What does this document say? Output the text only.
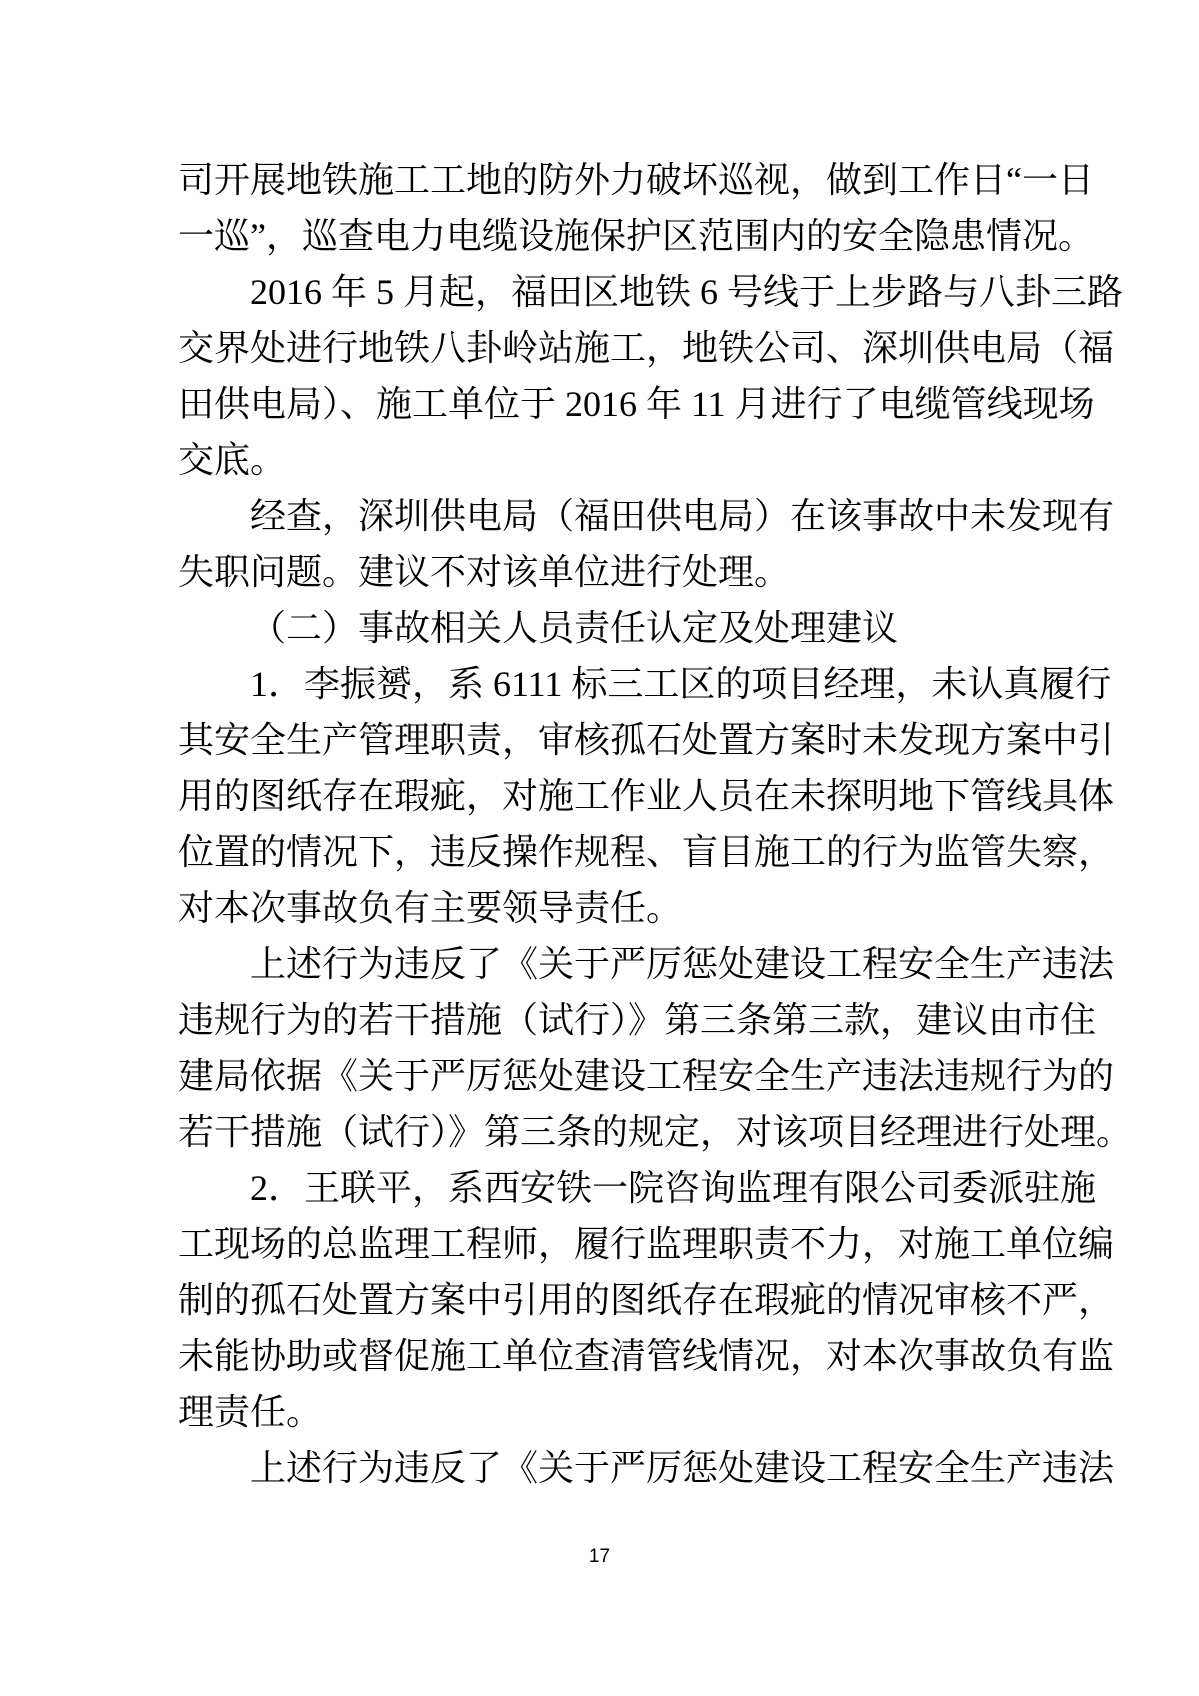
司开展地铁施工工地的防外力破坏巡视，做到工作日“一日
一巡”，巡查电力电缆设施保护区范围内的安全隐患情况。
2016 年 5 月起，福田区地铁 6 号线于上步路与八卦三路
交界处进行地铁八卦岭站施工，地铁公司、深圳供电局（福
田供电局）、施工单位于 2016 年 11 月进行了电缆管线现场
交底。
经查，深圳供电局（福田供电局）在该事故中未发现有
失职问题。建议不对该单位进行处理。
（二）事故相关人员责任认定及处理建议
1．李振赟，系 6111 标三工区的项目经理，未认真履行
其安全生产管理职责，审核孤石处置方案时未发现方案中引
用的图纸存在瑕疵，对施工作业人员在未探明地下管线具体
位置的情况下，违反操作规程、盲目施工的行为监管失察，
对本次事故负有主要领导责任。
上述行为违反了《关于严厉惩处建设工程安全生产违法
违规行为的若干措施（试行）》第三条第三款，建议由市住
建局依据《关于严厉惩处建设工程安全生产违法违规行为的
若干措施（试行）》第三条的规定，对该项目经理进行处理。
2．王联平，系西安铁一院咨询监理有限公司委派驻施
工现场的总监理工程师，履行监理职责不力，对施工单位编
制的孤石处置方案中引用的图纸存在瑕疵的情况审核不严，
未能协助或督促施工单位查清管线情况，对本次事故负有监
理责任。
上述行为违反了《关于严厉惩处建设工程安全生产违法
17
